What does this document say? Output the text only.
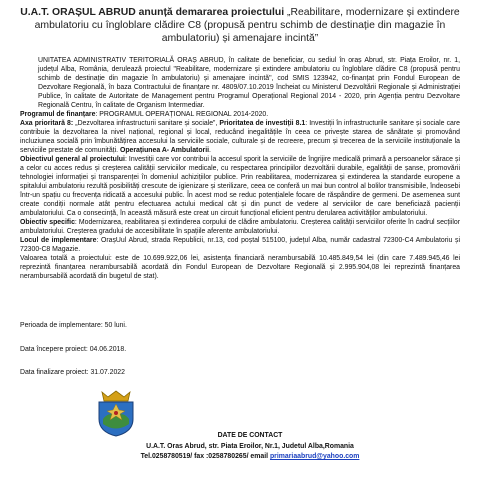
U.A.T. ORAȘUL ABRUD anunță demararea proiectului „Reabilitare, modernizare și extindere ambulatoriu cu îngloblare clădire C8 (propusă pentru schimb de destinație din magazie în ambulatoriu) și amenajare incintă”

UNITATEA ADMINISTRATIV TERITORIALĂ ORAȘ ABRUD, în calitate de beneficiar, cu sediul în oraș Abrud, str. Piața Eroilor, nr. 1, județul Alba, România, derulează proiectul "Reabilitare, modernizare și extindere ambulatoriu cu îngloblare clădire C8 (propusă pentru schimb de destinație din magazie în ambulatoriu) și amenajare incintă", cod SMIS 123942, co-finanțat prin Fondul European de Dezvoltare Regională, în baza Contractului de finanțare nr. 4809/07.10.2019 încheiat cu Ministerul Dezvoltării Regionale și Administrației Publice, în calitate de Autoritate de Management pentru Programul Operațional Regional 2014 - 2020, prin Agenția pentru Dezvoltare Regională Centru, în calitate de Organism Intermediar.

Programul de finanțare: PROGRAMUL OPERAȚIONAL REGIONAL 2014-2020.

Axa prioritară 8: „Dezvoltarea infrastructurii sanitare și sociale”, Prioritatea de investiții 8.1: Investiții în infrastructurile sanitare și sociale care contribuie la dezvoltarea la nivel național, regional și local, reducând inegalitățile în ceea ce privește starea de sănătate și promovând incluziunea socială prin îmbunătățirea accesului la serviciile sociale, culturale și de recreere, precum și trecerea de la serviciile instituționale la serviciile prestate de comunități. Operațiunea A- Ambulatorii.

Obiectivul general al proiectului: Investiții care vor contribui la accesul sporit la serviciile de îngrijire medicală primară a persoanelor sărace și a celor cu acces redus și creșterea calității serviciilor medicale, cu respectarea principiilor dezvoltării durabile, egalității de șanse, promovării tehnologiei informației și transparenței în domeniul achizițiilor publice. Prin reabilitarea, modernizarea și extinderea la standarde europene a spitalului ambulatoriu rezultă posibilități crescute de igienizare și sterilizare, ceea ce conferă un mai bun control al bolilor transmisibile, îndeosebi într-un spațiu cu frecvența ridicată a accesului public. În acest mod se reduc potențialele focare de răspândire de germeni. De asemenea sunt create condiții normale atât pentru efectuarea actului medical cât și din punct de vedere al serviciilor de care beneficiază pacienții ambulatoriului. Ca o consecință, în această măsură este creat un circuit funcțional eficient pentru derularea activităților ambulatoriului.

Obiectiv specific: Modernizarea, reabilitarea și extinderea corpului de clădire ambulatoriu. Creșterea calității serviciilor oferite în cadrul secțiilor ambulatoriului. Creșterea gradului de accesibilitate în spațiile aferente ambulatoriului.

Locul de implementare: OrașUul Abrud, strada Republicii, nr.13, cod poștal 515100, județul Alba, număr cadastral 72300-C4 Ambulatoriu și 72300-C8 Magazie.

Valoarea totală a proiectului: este de 10.699.922,06 lei, asistența financiară nerambursabilă 10.485.849,54 lei (din care 7.489.945,46 lei reprezintă finanțarea nerambursabilă acordată din Fondul European de Dezvoltare Regională și 2.995.904,08 lei reprezintă finanțarea nerambursabilă acordată din bugetul de stat).

Perioada de implementare: 50 luni.
Data începere proiect: 04.06.2018.
Data finalizare proiect: 31.07.2022
DATE DE CONTACT
U.A.T. Oras Abrud, str. Piata Eroilor, Nr.1, Judetul Alba,Romania
Tel.0258780519/ fax :0258780265/ email primariaabrud@yahoo.com
